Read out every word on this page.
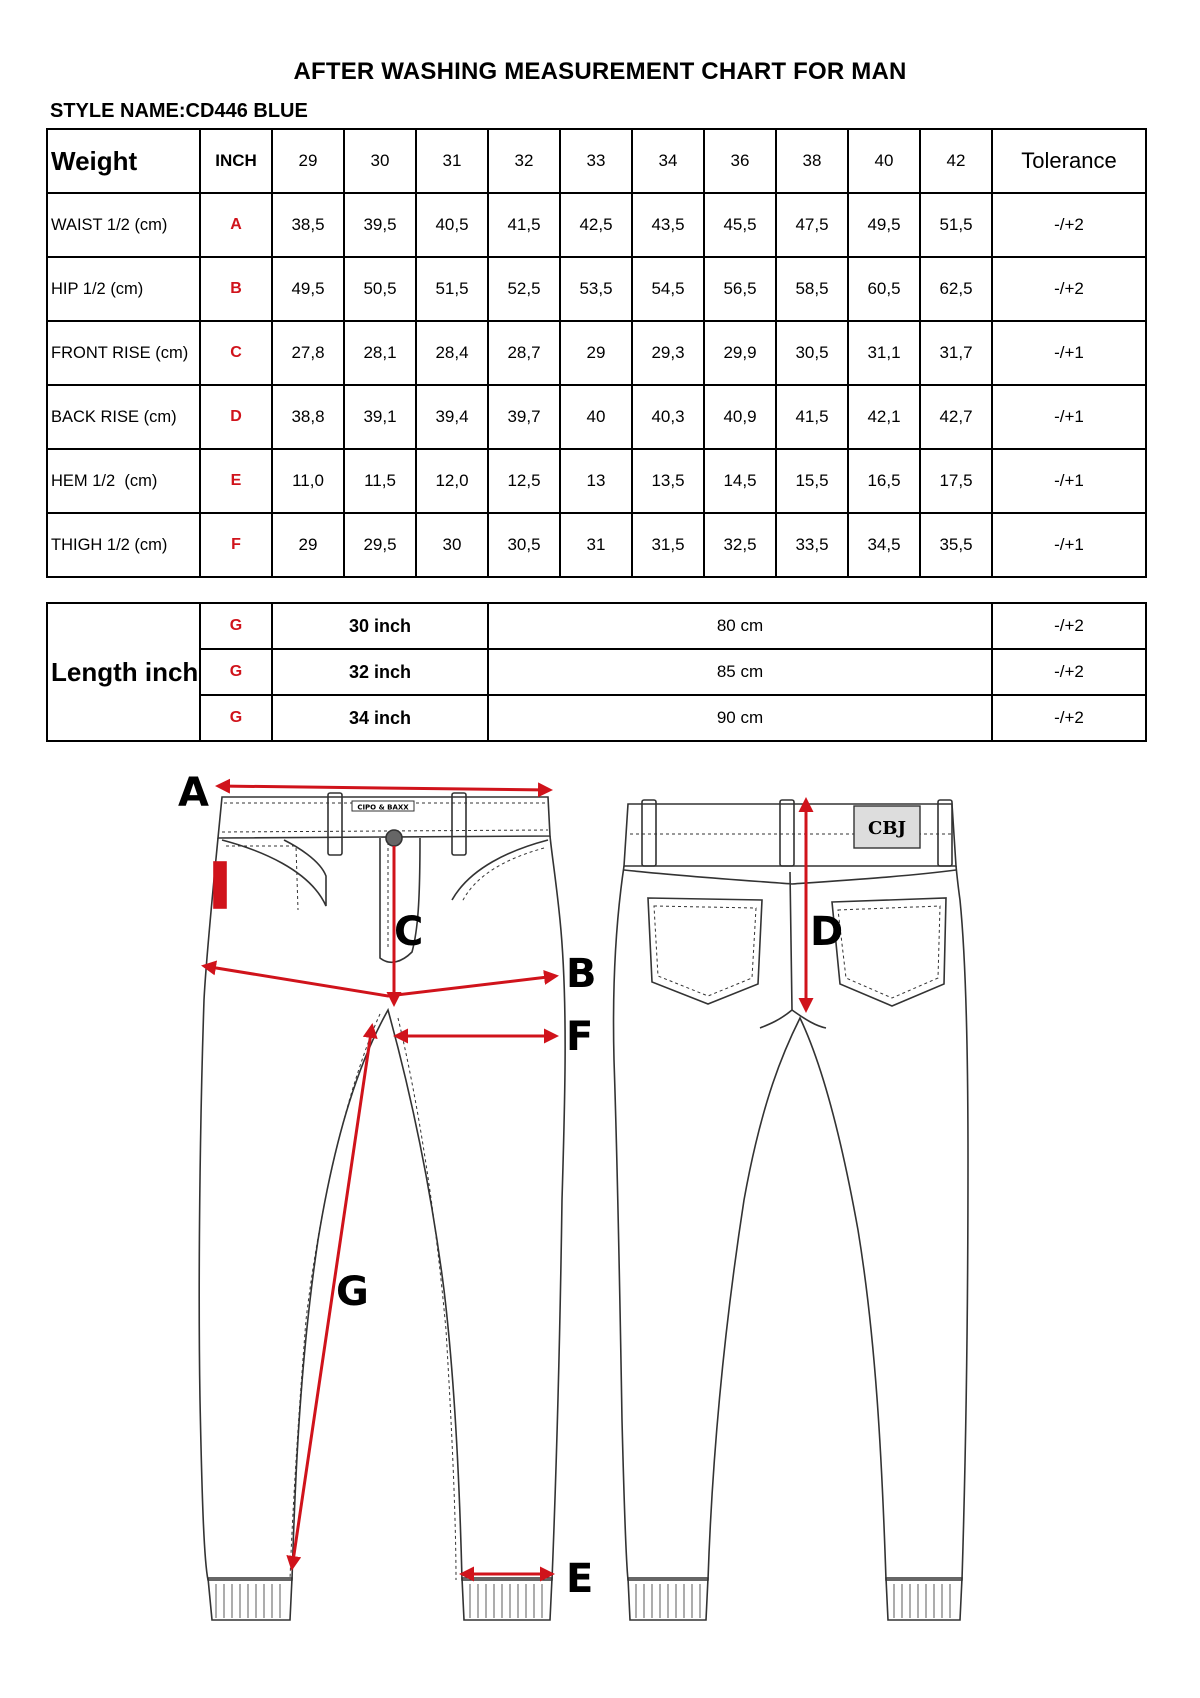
AFTER WASHING MEASUREMENT CHART FOR MAN
STYLE NAME:CD446 BLUE
Weight	INCH	29	30	31	32	33	34	36	38	40	42	Tolerance
WAIST 1/2 (cm)	A	38,5	39,5	40,5	41,5	42,5	43,5	45,5	47,5	49,5	51,5	-/+2
HIP 1/2 (cm)	B	49,5	50,5	51,5	52,5	53,5	54,5	56,5	58,5	60,5	62,5	-/+2
FRONT RISE (cm)	C	27,8	28,1	28,4	28,7	29	29,3	29,9	30,5	31,1	31,7	-/+1
BACK RISE (cm)	D	38,8	39,1	39,4	39,7	40	40,3	40,9	41,5	42,1	42,7	-/+1
HEM 1/2  (cm)	E	11,0	11,5	12,0	12,5	13	13,5	14,5	15,5	16,5	17,5	-/+1
THIGH 1/2 (cm)	F	29	29,5	30	30,5	31	31,5	32,5	33,5	34,5	35,5	-/+1
Length inch	G	30 inch	80 cm	-/+2
	G	32 inch	85 cm	-/+2
	G	34 inch	90 cm	-/+2
CIPO & BAXX
CBJ
A
C
B
F
G
E
D
